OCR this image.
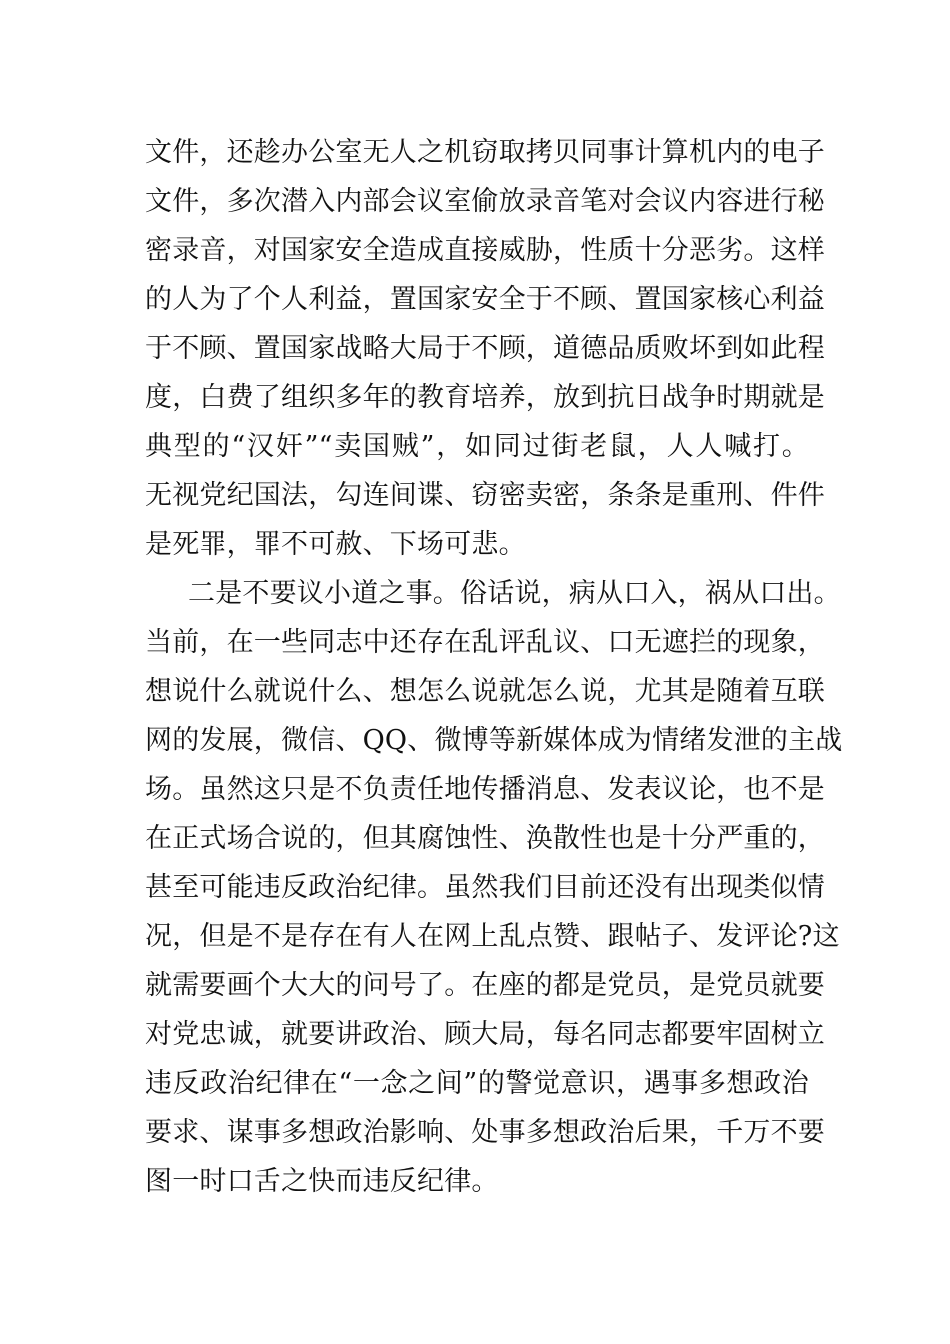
文件，还趁办公室无人之机窃取拷贝同事计算机内的电子
文件，多次潜入内部会议室偷放录音笔对会议内容进行秘
密录音，对国家安全造成直接威胁，性质十分恶劣。这样
的人为了个人利益，置国家安全于不顾、置国家核心利益
于不顾、置国家战略大局于不顾，道德品质败坏到如此程
度，白费了组织多年的教育培养，放到抗日战争时期就是
典型的“汉奸”“卖国贼”，如同过街老鼠，人人喊打。
无视党纪国法，勾连间谍、窃密卖密，条条是重刑、件件
是死罪，罪不可赦、下场可悲。
二是不要议小道之事。俗话说，病从口入，祸从口出。
当前，在一些同志中还存在乱评乱议、口无遮拦的现象，
想说什么就说什么、想怎么说就怎么说，尤其是随着互联
网的发展，微信、QQ、微博等新媒体成为情绪发泄的主战
场。虽然这只是不负责任地传播消息、发表议论，也不是
在正式场合说的，但其腐蚀性、涣散性也是十分严重的，
甚至可能违反政治纪律。虽然我们目前还没有出现类似情
况，但是不是存在有人在网上乱点赞、跟帖子、发评论?这
就需要画个大大的问号了。在座的都是党员，是党员就要
对党忠诚，就要讲政治、顾大局，每名同志都要牢固树立
违反政治纪律在“一念之间”的警觉意识，遇事多想政治
要求、谋事多想政治影响、处事多想政治后果，千万不要
图一时口舌之快而违反纪律。
